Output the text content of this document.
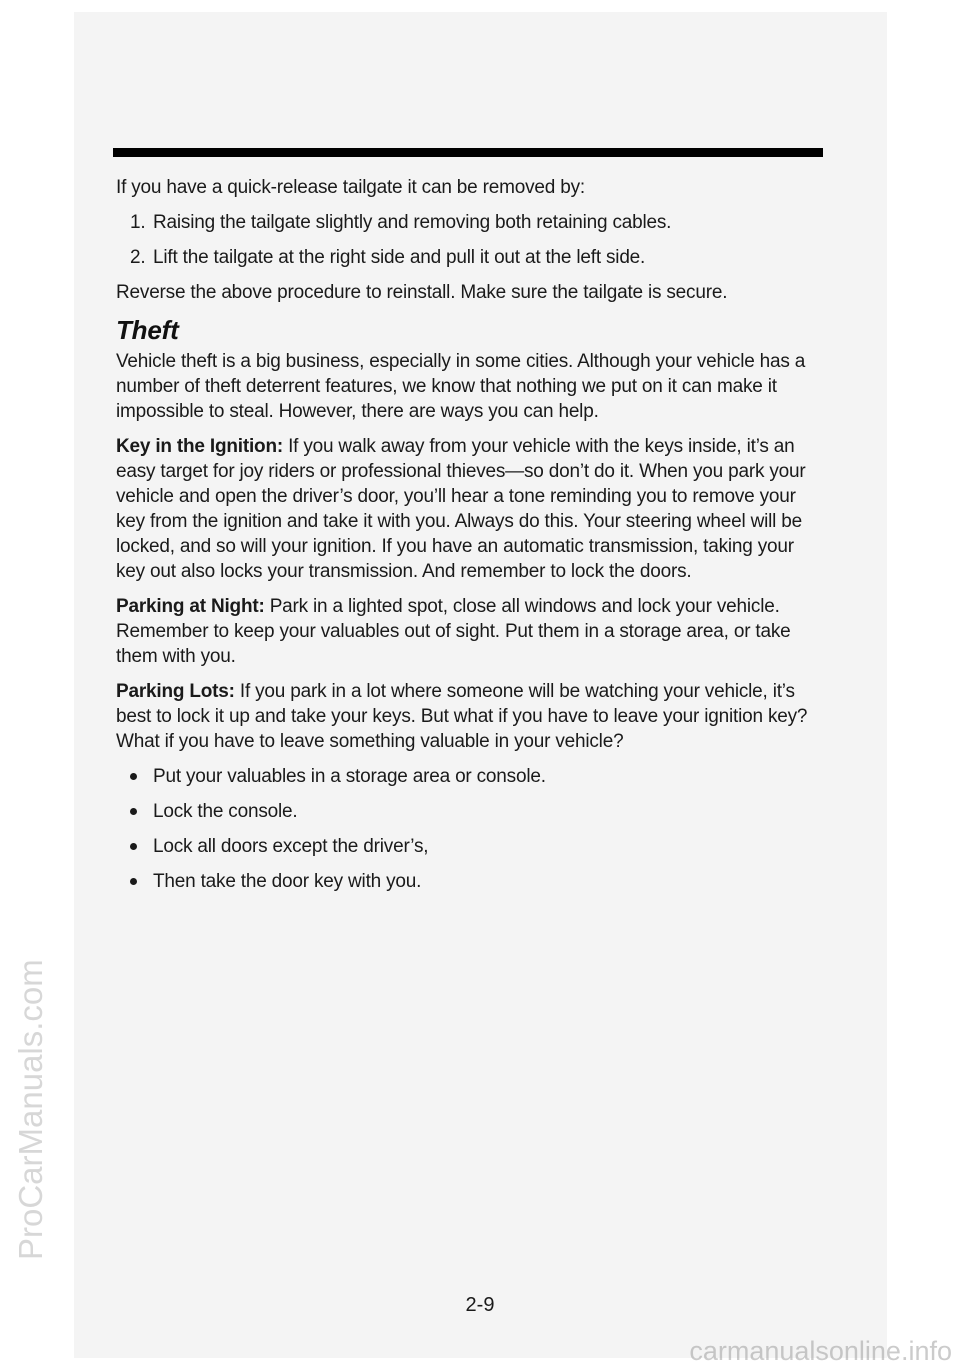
If you have a quick-release tailgate it can be removed by:

1. Raising the tailgate slightly and removing both retaining cables.
2. Lift the tailgate at the right side and pull it out at the left side.

Reverse the above procedure to reinstall. Make sure the tailgate is secure.

Theft

Vehicle theft is a big business, especially in some cities. Although your vehicle has a number of theft deterrent features, we know that nothing we put on it can make it impossible to steal. However, there are ways you can help.

Key in the Ignition: If you walk away from your vehicle with the keys inside, it’s an easy target for joy riders or professional thieves—so don’t do it. When you park your vehicle and open the driver’s door, you’ll hear a tone reminding you to remove your key from the ignition and take it with you. Always do this. Your steering wheel will be locked, and so will your ignition. If you have an automatic transmission, taking your key out also locks your transmission. And remember to lock the doors.

Parking at Night: Park in a lighted spot, close all windows and lock your vehicle. Remember to keep your valuables out of sight. Put them in a storage area, or take them with you.

Parking Lots: If you park in a lot where someone will be watching your vehicle, it’s best to lock it up and take your keys. But what if you have to leave your ignition key? What if you have to leave something valuable in your vehicle?

Put your valuables in a storage area or console.
Lock the console.
Lock all doors except the driver’s,
Then take the door key with you.
2-9
ProCarManuals.com
carmanualsonline.info
